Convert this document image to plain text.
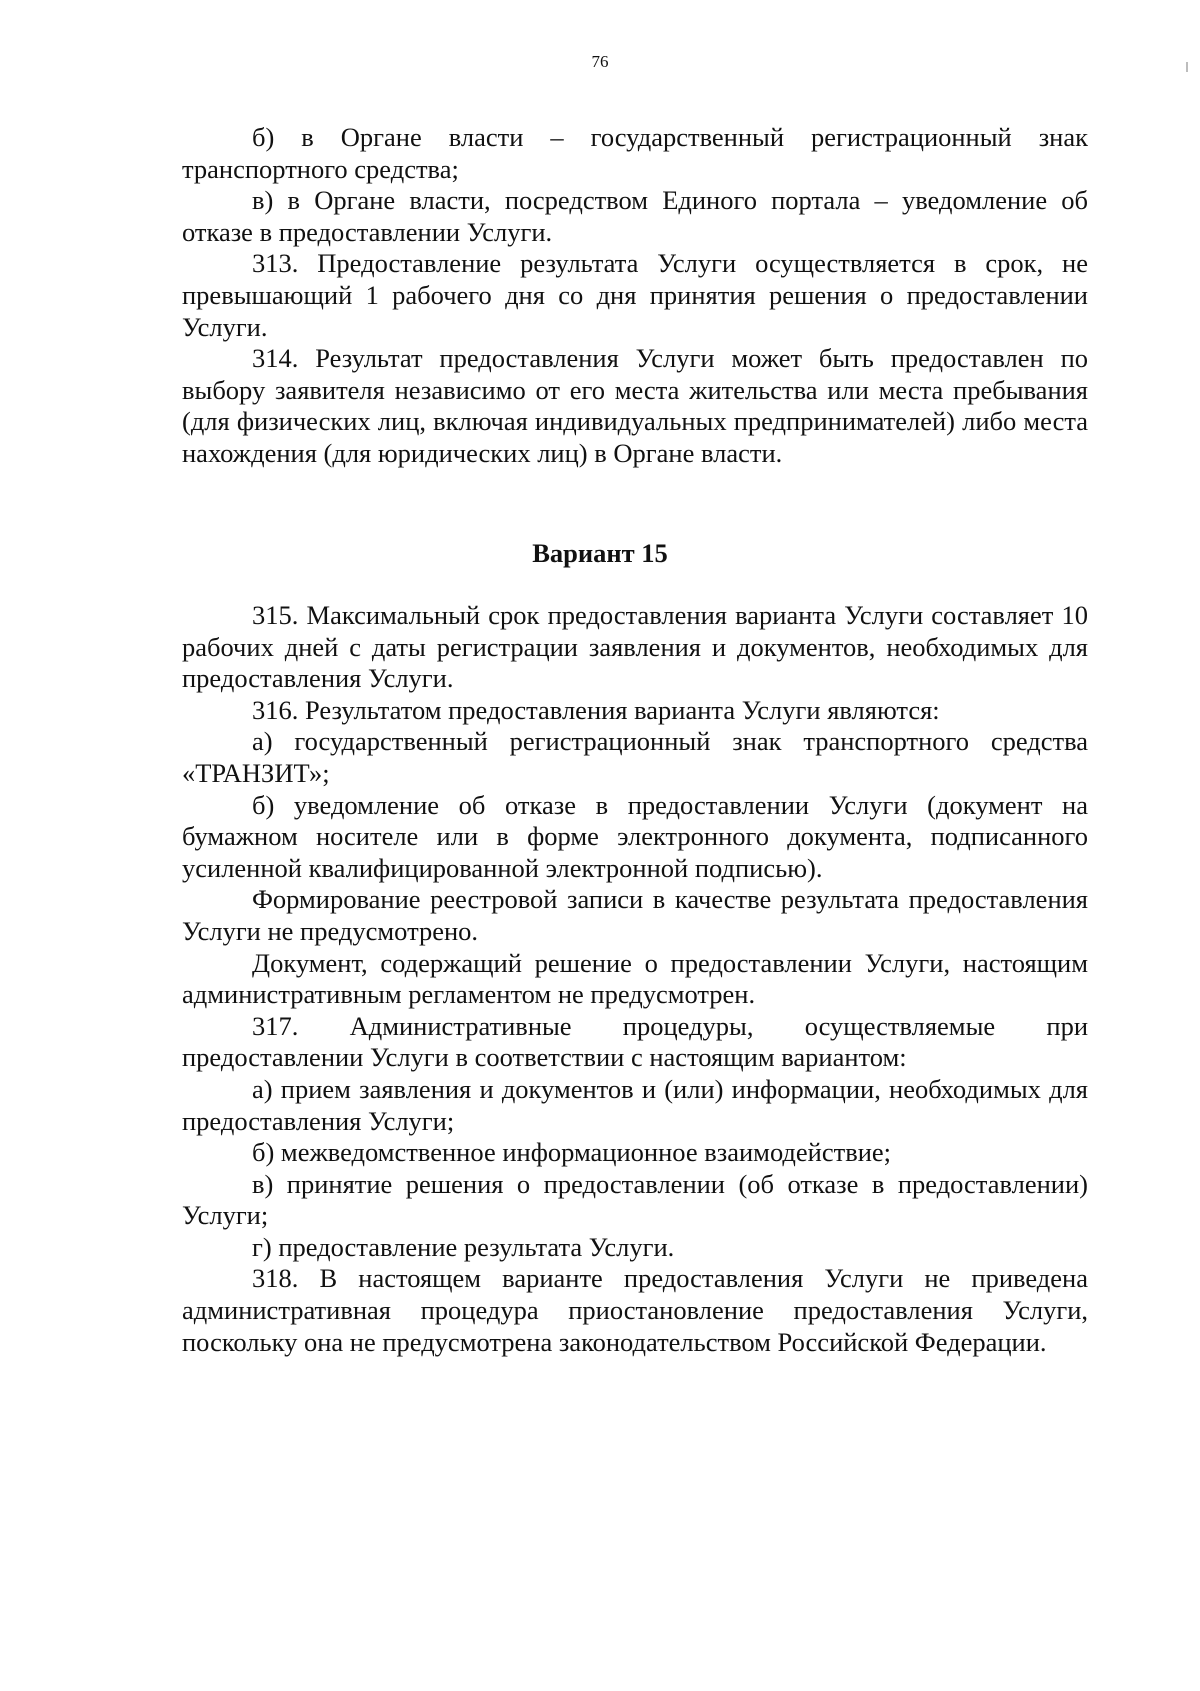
76

б) в Органе власти – государственный регистрационный знак транспортного средства;

в) в Органе власти, посредством Единого портала – уведомление об отказе в предоставлении Услуги.

313. Предоставление результата Услуги осуществляется в срок, не превышающий 1 рабочего дня со дня принятия решения о предоставлении Услуги.

314. Результат предоставления Услуги может быть предоставлен по выбору заявителя независимо от его места жительства или места пребывания (для физических лиц, включая индивидуальных предпринимателей) либо места нахождения (для юридических лиц) в Органе власти.

Вариант 15

315. Максимальный срок предоставления варианта Услуги составляет 10 рабочих дней с даты регистрации заявления и документов, необходимых для предоставления Услуги.

316. Результатом предоставления варианта Услуги являются:

а) государственный регистрационный знак транспортного средства «ТРАНЗИТ»;

б) уведомление об отказе в предоставлении Услуги (документ на бумажном носителе или в форме электронного документа, подписанного усиленной квалифицированной электронной подписью).

Формирование реестровой записи в качестве результата предоставления Услуги не предусмотрено.

Документ, содержащий решение о предоставлении Услуги, настоящим административным регламентом не предусмотрен.

317. Административные процедуры, осуществляемые при предоставлении Услуги в соответствии с настоящим вариантом:

а) прием заявления и документов и (или) информации, необходимых для предоставления Услуги;

б) межведомственное информационное взаимодействие;

в) принятие решения о предоставлении (об отказе в предоставлении) Услуги;

г) предоставление результата Услуги.

318. В настоящем варианте предоставления Услуги не приведена административная процедура приостановление предоставления Услуги, поскольку она не предусмотрена законодательством Российской Федерации.
